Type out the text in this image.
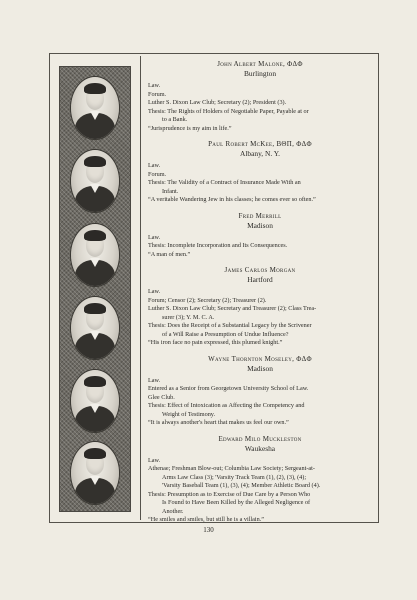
John Albert Malone, ΦΔΦ
Burlington
Law.
Forum.
Luther S. Dixon Law Club; Secretary (2); President (3).
Thesis: The Rights of Holders of Negotiable Paper, Payable at or
to a Bank.
“Jurisprudence is my aim in life.”
Paul Robert McKee, BΘΠ, ΦΔΦ
Albany, N. Y.
Law.
Forum.
Thesis: The Validity of a Contract of Insurance Made With an
Infant.
“A veritable Wandering Jew in his classes; he comes ever so often.”
Fred Merrill
Madison
Law.
Thesis: Incomplete Incorporation and Its Consequences.
“A man of men.”
James Carlos Morgan
Hartford
Law.
Forum; Censor (2); Secretary (2); Treasurer (2).
Luther S. Dixon Law Club; Secretary and Treasurer (2); Class Trea-
surer (3); Y. M. C. A.
Thesis: Does the Receipt of a Substantial Legacy by the Scrivener
of a Will Raise a Presumption of Undue Influence?
“His iron face no pain expressed, this plumed knight.”
Wayne Thornton Moseley, ΦΔΦ
Madison
Law.
Entered as a Senior from Georgetown University School of Law.
Glee Club.
Thesis: Effect of Intoxication as Affecting the Competency and
Weight of Testimony.
“It is always another's heart that makes us feel our own.”
Edward Milo Muckleston
Waukesha
Law.
Athenae; Freshman Blow-out; Columbia Law Society; Sergeant-at-
Arms Law Class (3); 'Varsity Track Team (1), (2), (3), (4);
'Varsity Baseball Team (1), (3), (4); Member Athletic Board (4).
Thesis: Presumption as to Exercise of Due Care by a Person Who
Is Found to Have Been Killed by the Alleged Negligence of
Another.
“He smiles and smiles, but still he is a villain.”
130
